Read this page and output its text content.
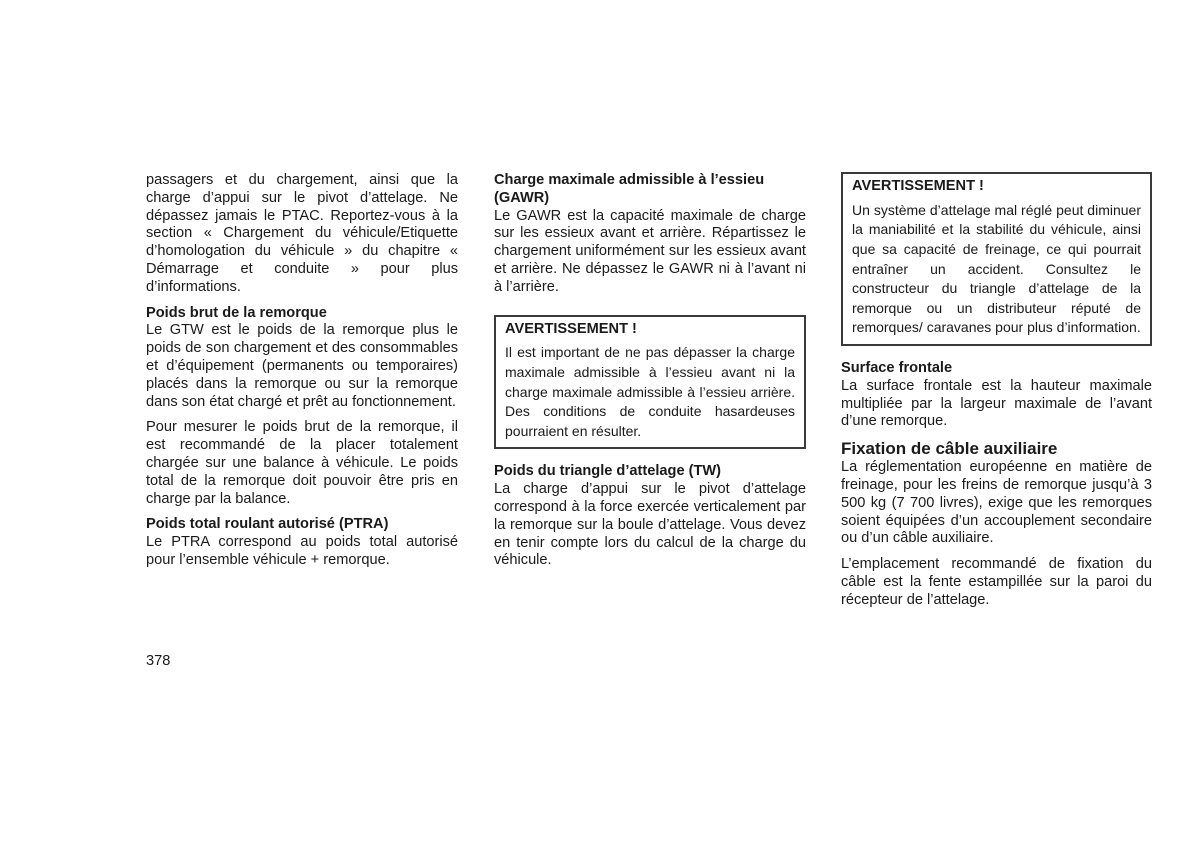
passagers et du chargement, ainsi que la charge d’appui sur le pivot d’attelage. Ne dépassez jamais le PTAC. Reportez-vous à la section « Chargement du véhicule/Etiquette d’homologation du véhicule » du chapitre « Démarrage et conduite » pour plus d’informations.

Poids brut de la remorque

Le GTW est le poids de la remorque plus le poids de son chargement et des consommables et d’équipement (permanents ou temporaires) placés dans la remorque ou sur la remorque dans son état chargé et prêt au fonctionnement.

Pour mesurer le poids brut de la remorque, il est recommandé de la placer totalement chargée sur une balance à véhicule. Le poids total de la remorque doit pouvoir être pris en charge par la balance.

Poids total roulant autorisé (PTRA)

Le PTRA correspond au poids total autorisé pour l’ensemble véhicule + remorque.

Charge maximale admissible à l’essieu (GAWR)

Le GAWR est la capacité maximale de charge sur les essieux avant et arrière. Répartissez le chargement uniformément sur les essieux avant et arrière. Ne dépassez le GAWR ni à l’avant ni à l’arrière.

AVERTISSEMENT !

Il est important de ne pas dépasser la charge maximale admissible à l’essieu avant ni la charge maximale admissible à l’essieu arrière. Des conditions de conduite hasardeuses pourraient en résulter.

Poids du triangle d’attelage (TW)

La charge d’appui sur le pivot d’attelage correspond à la force exercée verticalement par la remorque sur la boule d’attelage. Vous devez en tenir compte lors du calcul de la charge du véhicule.

AVERTISSEMENT !

Un système d’attelage mal réglé peut diminuer la maniabilité et la stabilité du véhicule, ainsi que sa capacité de freinage, ce qui pourrait entraîner un accident. Consultez le constructeur du triangle d’attelage de la remorque ou un distributeur réputé de remorques/ caravanes pour plus d’information.

Surface frontale

La surface frontale est la hauteur maximale multipliée par la largeur maximale de l’avant d’une remorque.

Fixation de câble auxiliaire

La réglementation européenne en matière de freinage, pour les freins de remorque jusqu’à 3 500 kg (7 700 livres), exige que les remorques soient équipées d’un accouplement secondaire ou d’un câble auxiliaire.

L’emplacement recommandé de fixation du câble est la fente estampillée sur la paroi du récepteur de l’attelage.

378
